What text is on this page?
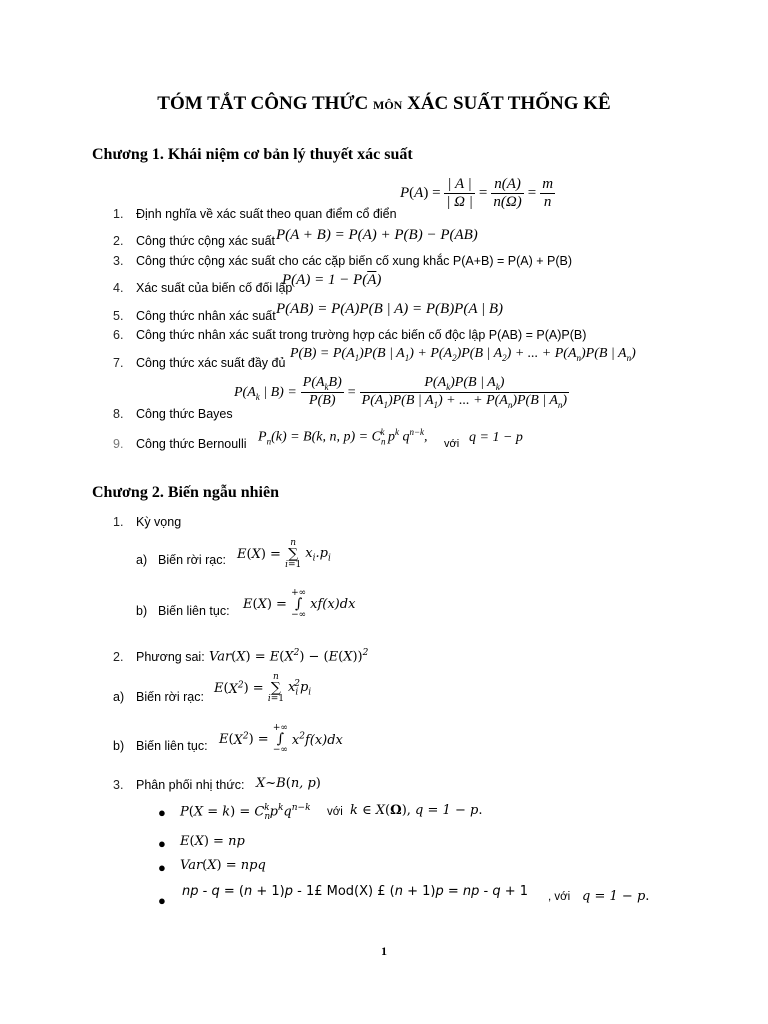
TÓM TẮT CÔNG THỨC MÔN XÁC SUẤT THỐNG KÊ
Chương 1. Khái niệm cơ bản lý thuyết xác suất
$P(A) = \frac{| A |}{| \Omega |} = \frac{n(A)}{n(\Omega)} = \frac{m}{n}$
1. Định nghĩa về xác suất theo quan điểm cổ điển
2. Công thức cộng xác suất P(A + B) = P(A) + P(B) − P(AB)
3. Công thức cộng xác suất cho các cặp biến cố xung khắc P(A+B) = P(A) + P(B)
4. Xác suất của biến cố đối lập
$P(A) = 1 - P(\overline{A})$
5. Công thức nhân xác suất P(AB) = P(A)P(B | A) = P(B)P(A | B)
6. Công thức nhân xác suất trong trường hợp các biến cố độc lập P(AB) = P(A)P(B)
7. Công thức xác suất đầy đủ
$P(B) = P(A_1)P(B$ | $A_1) + P(A_2)P(B$ | $A_2$) + ... + $P(A_n)P(B$ | $A_n$)
$P(A_k$ | $B) = \frac{P(A_kB)}{P(B)} = \frac{P(A_k)P(B | A_k)}{P(A_1)P(B | A_1) + ... + P(A_n)P(B | A_n)}$
8. Công thức Bayes
9. Công thức Bernoulli $P_n(k) = B(k$, n, $p) = C_n^k$ $p^k$ $q^{n-k}$, với q = 1 − p
Chương 2. Biến ngẫu nhiên
1. Kỳ vọng
a) Biến rời rạc: E(X) =
n
∑
i=1
$x_i.p_i$
b) Biến liên tục: E(X) =
+∞
∫
−∞
xf(x)dx
2. Phương sai: $Var(X) = E(X^2) - (E(X))^2$
a) Biến rời rạc:
$E(X^2)$ =
n
∑
i=1
$x_i^2p_i$
b) Biến liên tục: $E(X^2)$ =
+∞
∫
−∞
$x^2f(x)dx$
3. Phân phối nhị thức: X~B(n, p)
● $P(X = k) = C_n^kp^kq^{n-k}$ với k ∈ X(Ω), q = 1 − p.
● E(X) = np
● Var(X) = npq
●
np - q = (n + 1)p - 1£ Mod(X) £ (n + 1)p = np - q + 1 , với q = 1 − p.
1
